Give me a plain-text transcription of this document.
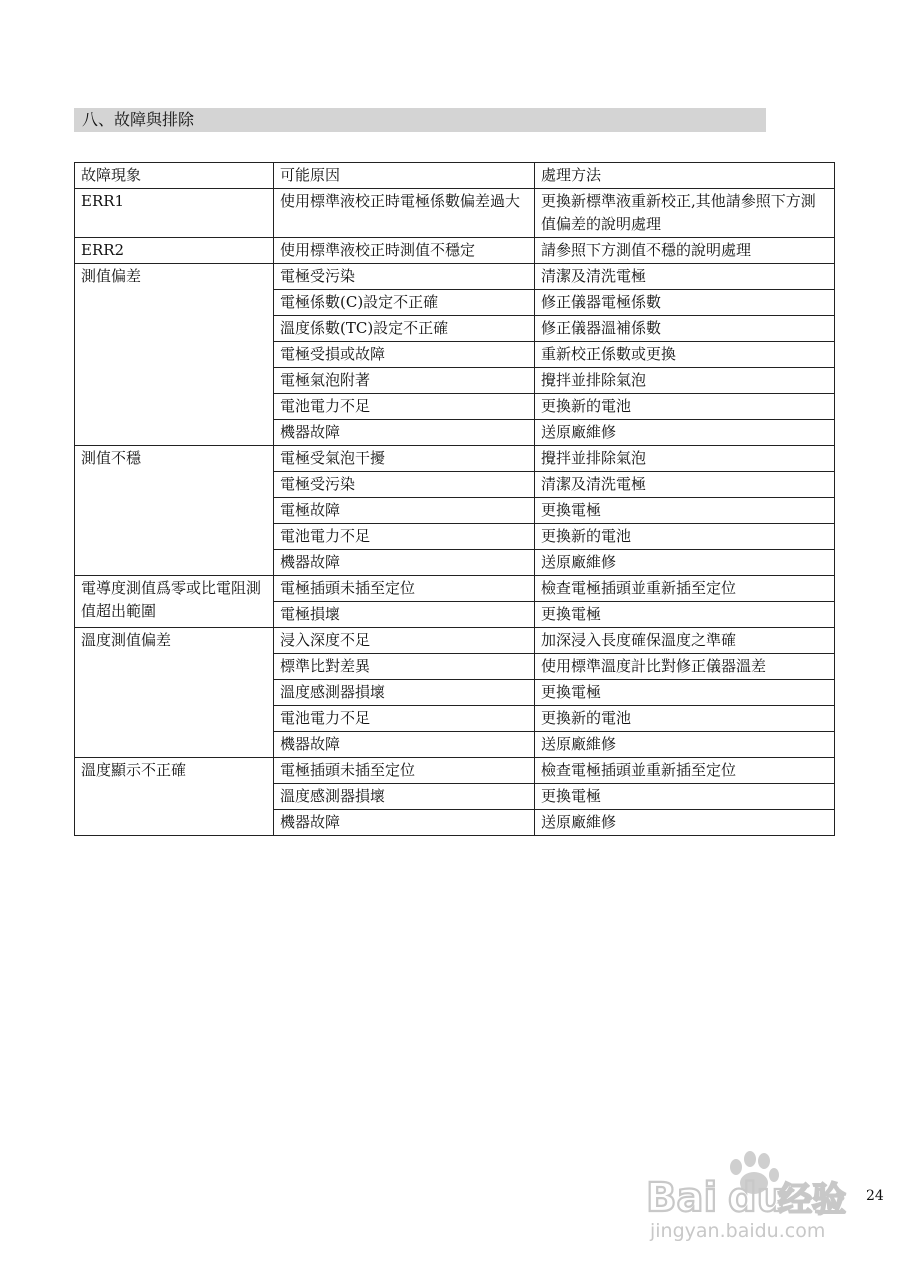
八、故障與排除
故障現象	可能原因	處理方法
ERR1	使用標準液校正時電極係數偏差過大	更換新標準液重新校正,其他請參照下方測值偏差的說明處理
ERR2	使用標準液校正時測值不穩定	請參照下方測值不穩的說明處理
測值偏差	電極受污染	清潔及清洗電極
	電極係數(C)設定不正確	修正儀器電極係數
	溫度係數(TC)設定不正確	修正儀器溫補係數
	電極受損或故障	重新校正係數或更換
	電極氣泡附著	攪拌並排除氣泡
	電池電力不足	更換新的電池
	機器故障	送原廠維修
測值不穩	電極受氣泡干擾	攪拌並排除氣泡
	電極受污染	清潔及清洗電極
	電極故障	更換電極
	電池電力不足	更換新的電池
	機器故障	送原廠維修
電導度測值爲零或比電阻測值超出範圍	電極插頭未插至定位	檢查電極插頭並重新插至定位
	電極損壞	更換電極
溫度測值偏差	浸入深度不足	加深浸入長度確保溫度之準確
	標準比對差異	使用標準溫度計比對修正儀器溫差
	溫度感測器損壞	更換電極
	電池電力不足	更換新的電池
	機器故障	送原廠維修
溫度顯示不正確	電極插頭未插至定位	檢查電極插頭並重新插至定位
	溫度感測器損壞	更換電極
	機器故障	送原廠維修
24
Bai du
经验
jingyan.baidu.com
